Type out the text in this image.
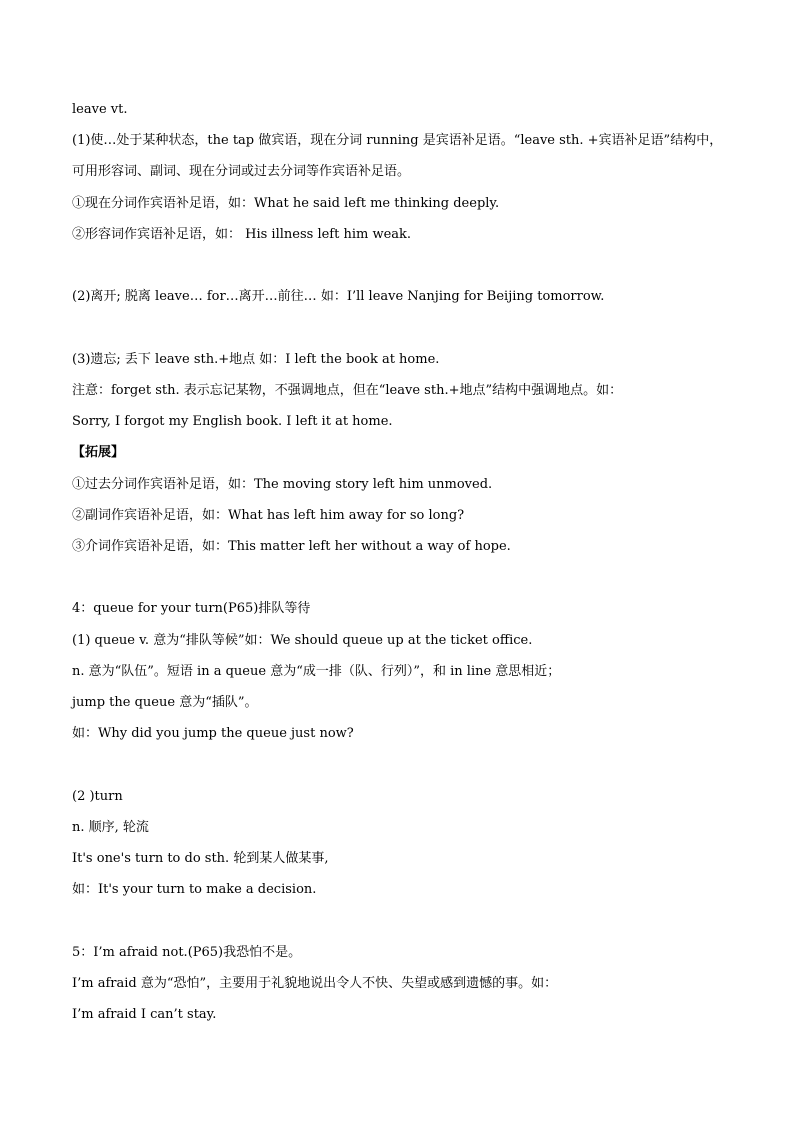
leave vt.
(1)使…处于某种状态，the tap 做宾语，现在分词 running 是宾语补足语。“leave sth. +宾语补足语”结构中，
可用形容词、副词、现在分词或过去分词等作宾语补足语。
①现在分词作宾语补足语，如：What he said left me thinking deeply.
②形容词作宾语补足语，如： His illness left him weak.
(2)离开; 脱离 leave… for…离开…前往… 如：I’ll leave Nanjing for Beijing tomorrow.
(3)遗忘; 丢下 leave sth.+地点 如：I left the book at home.
注意：forget sth. 表示忘记某物，不强调地点，但在“leave sth.+地点”结构中强调地点。如：
Sorry, I forgot my English book. I left it at home.
【拓展】
①过去分词作宾语补足语，如：The moving story left him unmoved.
②副词作宾语补足语，如：What has left him away for so long?
③介词作宾语补足语，如：This matter left her without a way of hope.
4：queue for your turn(P65)排队等待
(1) queue v. 意为“排队等候”如：We should queue up at the ticket office.
n. 意为“队伍”。短语 in a queue 意为“成一排（队、行列）”，和 in line 意思相近；
jump the queue 意为“插队”。
如：Why did you jump the queue just now?
(2 )turn
n. 顺序, 轮流
It's one's turn to do sth. 轮到某人做某事,
如：It's your turn to make a decision.
5：I’m afraid not.(P65)我恐怕不是。
I’m afraid 意为“恐怕”，主要用于礼貌地说出令人不快、失望或感到遗憾的事。如：
I’m afraid I can’t stay.
